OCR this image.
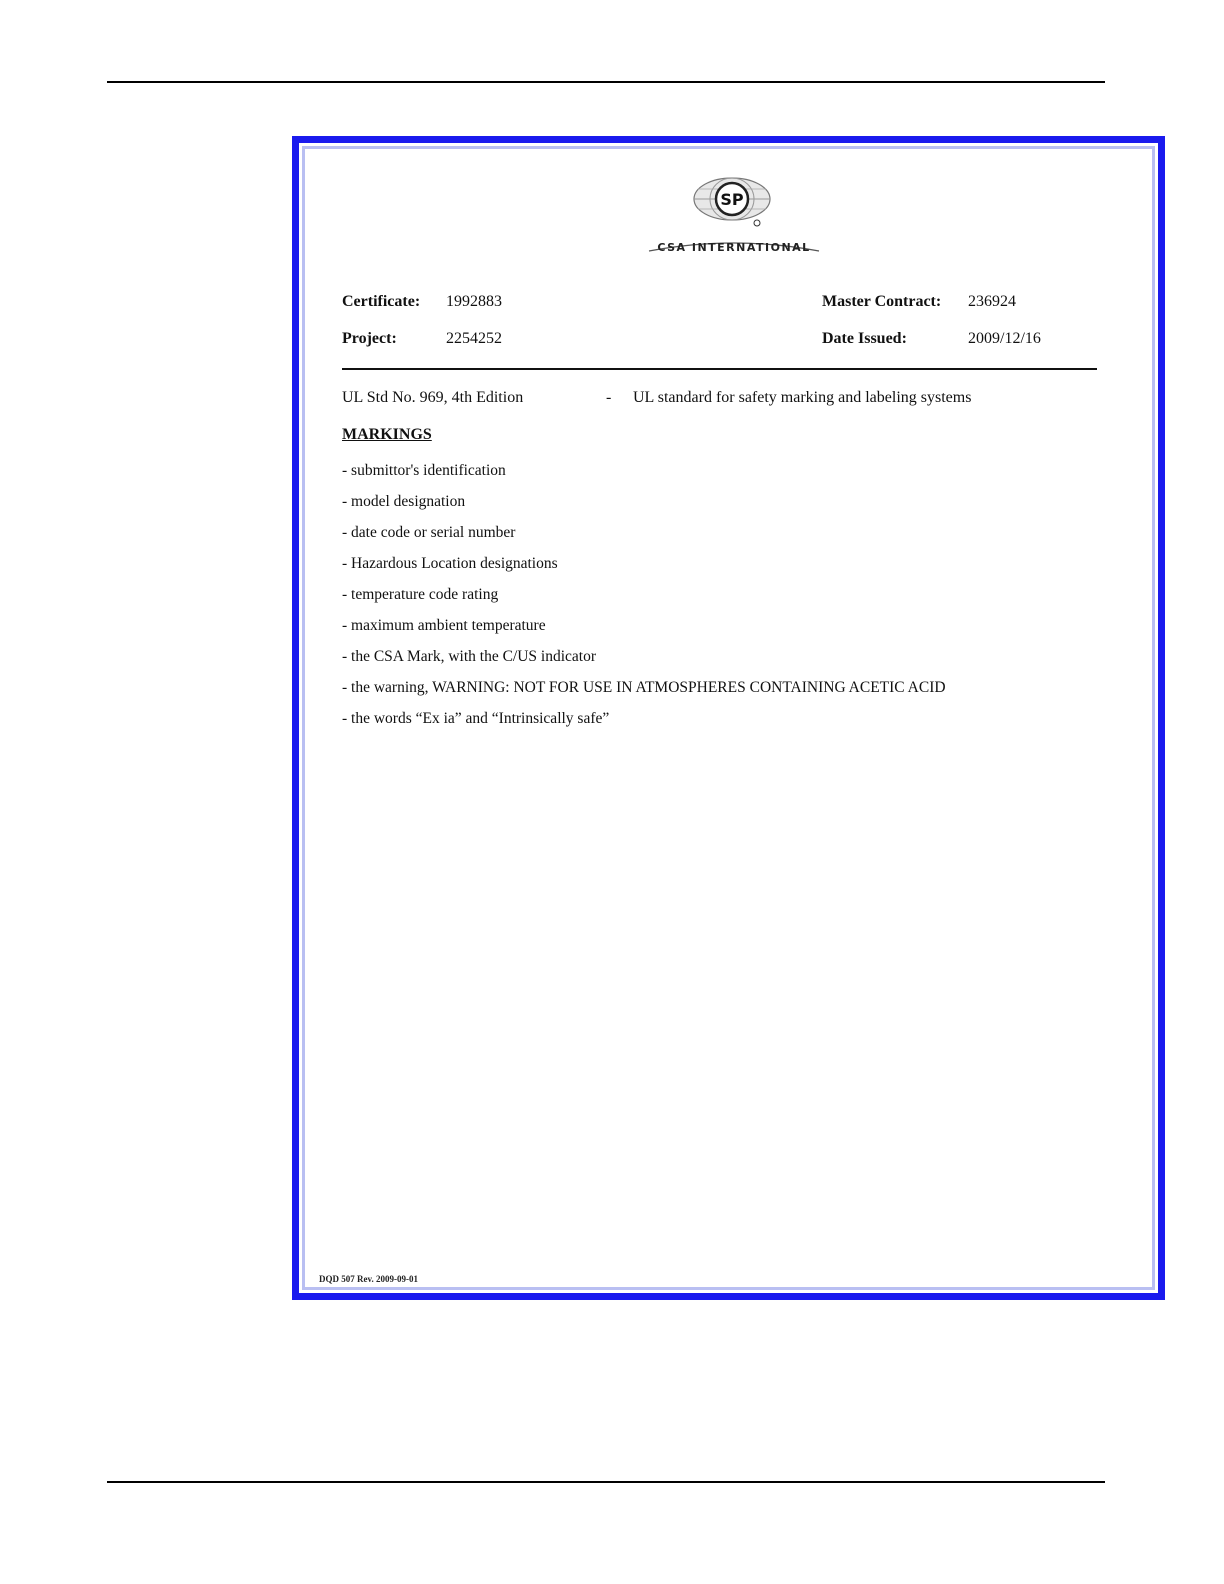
SP
CSA INTERNATIONAL
Certificate: 1992883	Master Contract: 236924
Project:	2254252	Date Issued:	2009/12/16
UL Std No. 969, 4th Edition	- UL standard for safety marking and labeling systems
MARKINGS
- submittor's identification
- model designation
- date code or serial number
- Hazardous Location designations
- temperature code rating
- maximum ambient temperature
- the CSA Mark, with the C/US indicator
- the warning, WARNING: NOT FOR USE IN ATMOSPHERES CONTAINING ACETIC ACID
- the words “Ex ia” and “Intrinsically safe”
DQD 507 Rev. 2009-09-01
